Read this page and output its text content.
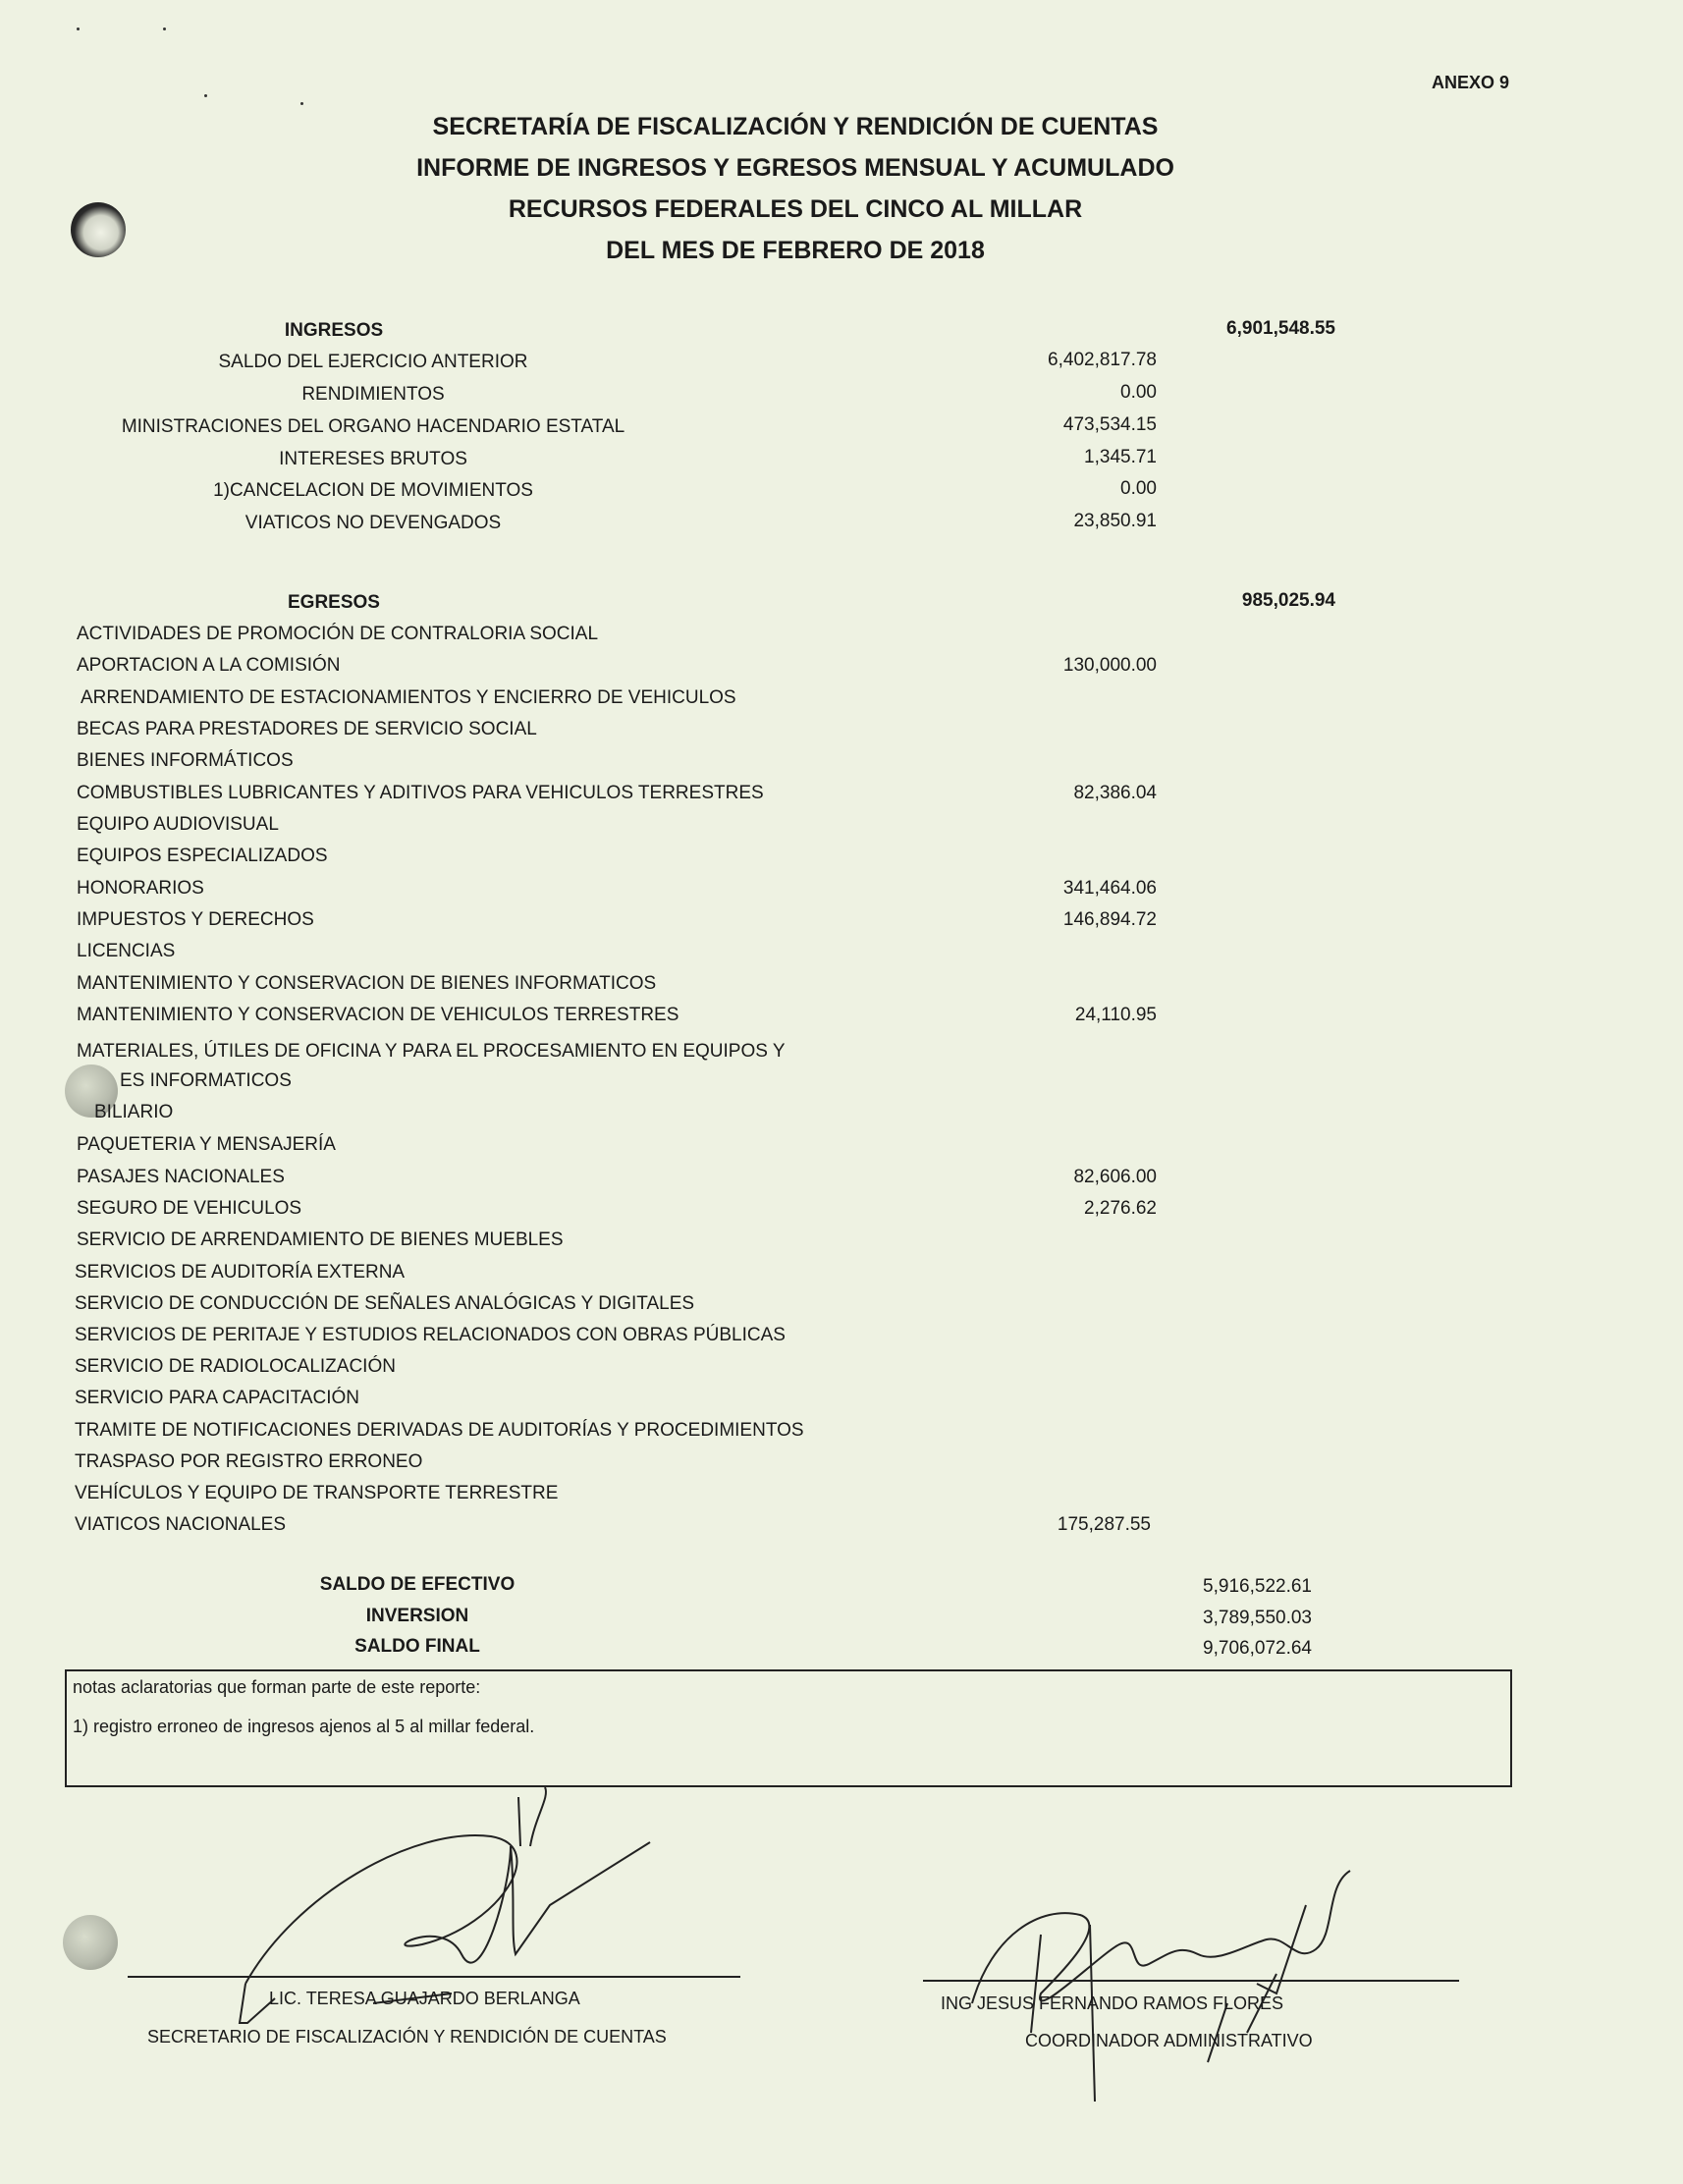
ANEXO 9
SECRETARÍA DE FISCALIZACIÓN Y RENDICIÓN DE CUENTAS
INFORME DE INGRESOS Y EGRESOS MENSUAL Y ACUMULADO
RECURSOS FEDERALES DEL CINCO AL MILLAR
DEL MES DE FEBRERO DE 2018
INGRESOS	6,901,548.55
SALDO DEL EJERCICIO ANTERIOR	6,402,817.78
RENDIMIENTOS	0.00
MINISTRACIONES DEL ORGANO HACENDARIO ESTATAL	473,534.15
INTERESES BRUTOS	1,345.71
1)CANCELACION DE MOVIMIENTOS	0.00
VIATICOS NO DEVENGADOS	23,850.91
EGRESOS	985,025.94
ACTIVIDADES DE PROMOCIÓN DE CONTRALORIA SOCIAL
APORTACION A LA COMISIÓN	130,000.00
ARRENDAMIENTO DE ESTACIONAMIENTOS Y ENCIERRO DE VEHICULOS
BECAS PARA PRESTADORES DE SERVICIO SOCIAL
BIENES INFORMÁTICOS
COMBUSTIBLES LUBRICANTES Y ADITIVOS PARA VEHICULOS TERRESTRES	82,386.04
EQUIPO AUDIOVISUAL
EQUIPOS ESPECIALIZADOS
HONORARIOS	341,464.06
IMPUESTOS Y DERECHOS	146,894.72
LICENCIAS
MANTENIMIENTO Y CONSERVACION DE BIENES INFORMATICOS
MANTENIMIENTO Y CONSERVACION DE VEHICULOS TERRESTRES	24,110.95
MATERIALES, ÚTILES DE OFICINA Y PARA EL PROCESAMIENTO EN EQUIPOS Y
ES INFORMATICOS
BILIARIO
PAQUETERIA Y MENSAJERÍA
PASAJES NACIONALES	82,606.00
SEGURO DE VEHICULOS	2,276.62
SERVICIO DE ARRENDAMIENTO DE BIENES MUEBLES
SERVICIOS DE AUDITORÍA EXTERNA
SERVICIO DE CONDUCCIÓN DE SEÑALES ANALÓGICAS Y DIGITALES
SERVICIOS DE PERITAJE Y ESTUDIOS RELACIONADOS CON OBRAS PÚBLICAS
SERVICIO DE RADIOLOCALIZACIÓN
SERVICIO PARA CAPACITACIÓN
TRAMITE DE NOTIFICACIONES DERIVADAS DE AUDITORÍAS Y PROCEDIMIENTOS
TRASPASO POR REGISTRO ERRONEO
VEHÍCULOS Y EQUIPO DE TRANSPORTE TERRESTRE
VIATICOS NACIONALES	175,287.55
SALDO DE EFECTIVO	5,916,522.61
INVERSION	3,789,550.03
SALDO FINAL	9,706,072.64
notas aclaratorias que forman parte de este reporte:
1) registro erroneo de ingresos ajenos al 5 al millar federal.
LIC. TERESA GUAJARDO BERLANGA
SECRETARIO DE FISCALIZACIÓN Y RENDICIÓN DE CUENTAS
ING JESUS FERNANDO RAMOS FLORES
COORDINADOR ADMINISTRATIVO
